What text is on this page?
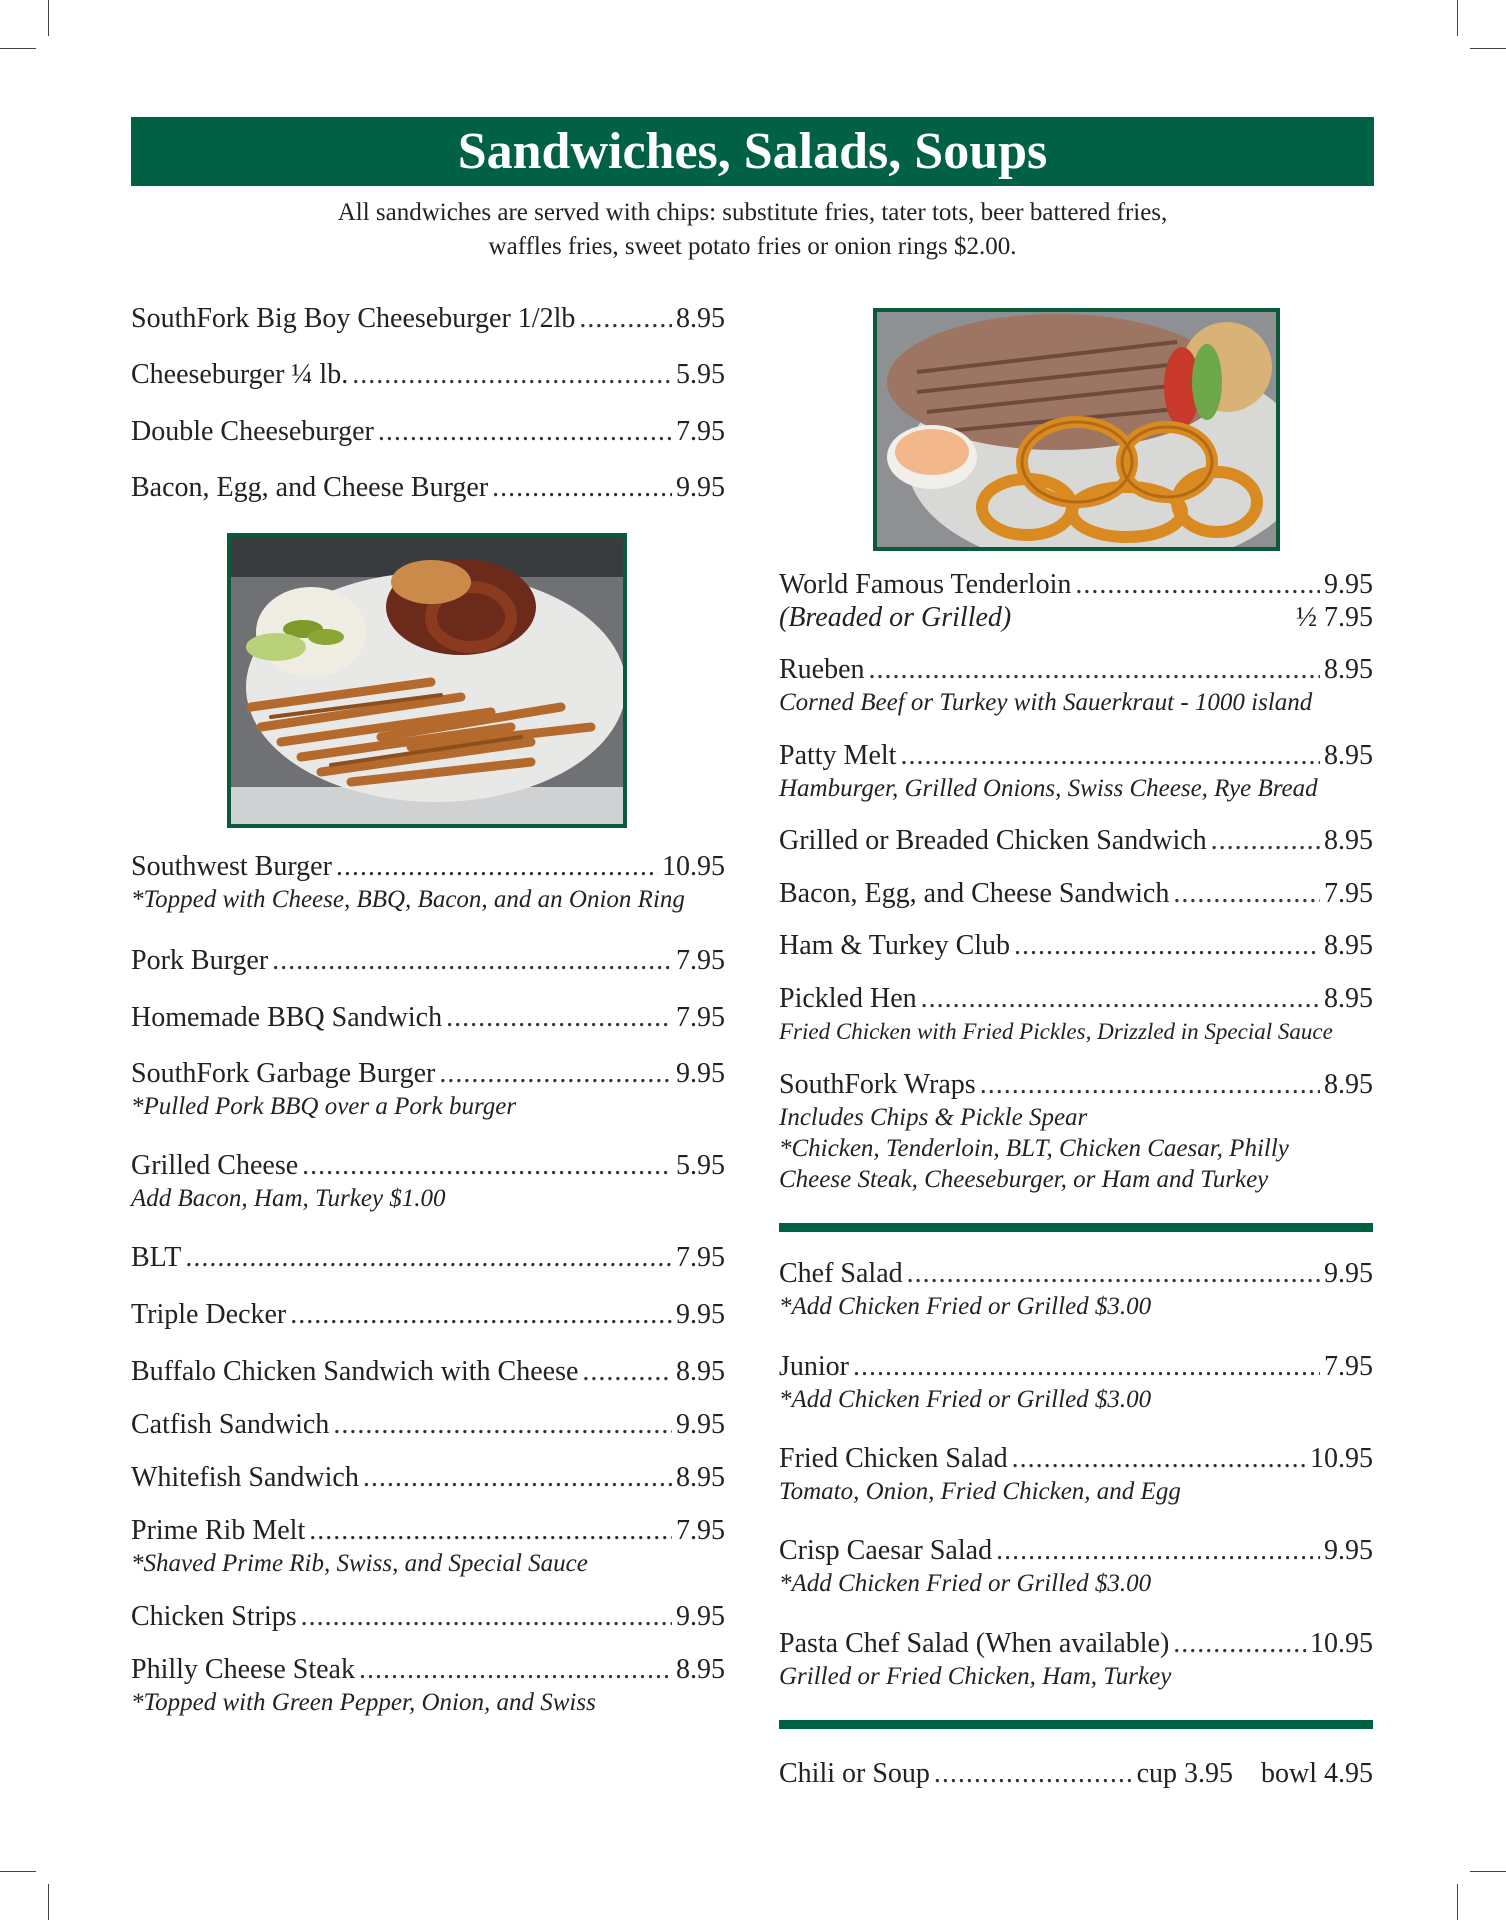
Sandwiches, Salads, Soups
All sandwiches are served with chips: substitute fries, tater tots, beer battered fries,
waffles fries, sweet potato fries or onion rings $2.00.
SouthFork Big Boy Cheeseburger 1/2lb .....	8.95
Cheeseburger ¼ lb. .....	5.95
Double Cheeseburger .....	7.95
Bacon, Egg, and Cheese Burger .....	9.95
Southwest Burger .....	10.95
*Topped with Cheese, BBQ, Bacon, and an Onion Ring
Pork Burger .....	7.95
Homemade BBQ Sandwich .....	7.95
SouthFork Garbage Burger .....	9.95
*Pulled Pork BBQ over a Pork burger
Grilled Cheese .....	5.95
Add Bacon, Ham, Turkey $1.00
BLT .....	7.95
Triple Decker .....	9.95
Buffalo Chicken Sandwich with Cheese .....	8.95
Catfish Sandwich .....	9.95
Whitefish Sandwich .....	8.95
Prime Rib Melt .....	7.95
*Shaved Prime Rib, Swiss, and Special Sauce
Chicken Strips .....	9.95
Philly Cheese Steak .....	8.95
*Topped with Green Pepper, Onion, and Swiss
World Famous Tenderloin .....	9.95
(Breaded or Grilled)	½ 7.95
Rueben .....	8.95
Corned Beef or Turkey with Sauerkraut - 1000 island
Patty Melt .....	8.95
Hamburger, Grilled Onions, Swiss Cheese, Rye Bread
Grilled or Breaded Chicken Sandwich .....	8.95
Bacon, Egg, and Cheese Sandwich .....	7.95
Ham & Turkey Club .....	8.95
Pickled Hen .....	8.95
Fried Chicken with Fried Pickles, Drizzled in Special Sauce
SouthFork Wraps .....	8.95
Includes Chips & Pickle Spear
*Chicken, Tenderloin, BLT, Chicken Caesar, Philly
Cheese Steak, Cheeseburger, or Ham and Turkey
Chef Salad .....	9.95
*Add Chicken Fried or Grilled $3.00
Junior .....	7.95
*Add Chicken Fried or Grilled $3.00
Fried Chicken Salad .....	10.95
Tomato, Onion, Fried Chicken, and Egg
Crisp Caesar Salad .....	9.95
*Add Chicken Fried or Grilled $3.00
Pasta Chef Salad (When available) .....	10.95
Grilled or Fried Chicken, Ham, Turkey
Chili or Soup .....	cup 3.95 bowl 4.95
